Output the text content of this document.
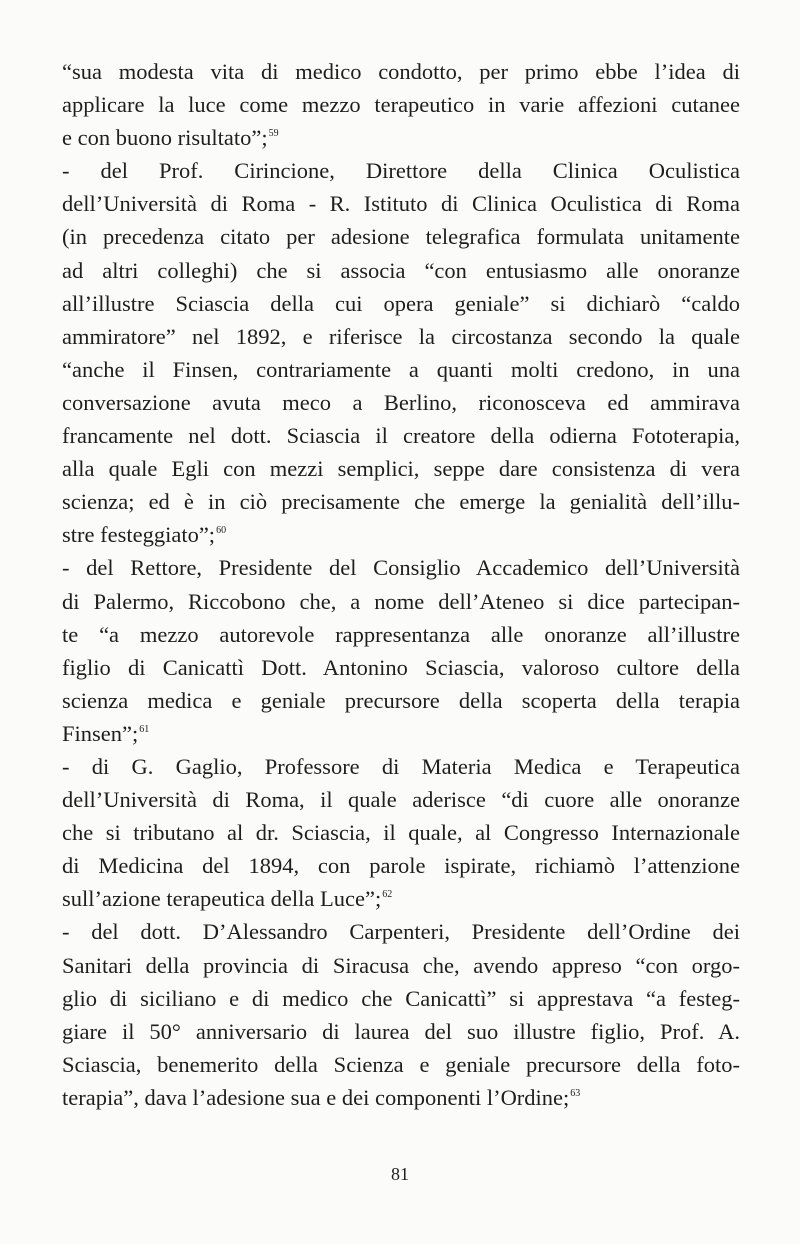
“sua modesta vita di medico condotto, per primo ebbe l’idea di
applicare la luce come mezzo terapeutico in varie affezioni cutanee
e con buono risultato”;$^{59}$
- del Prof. Cirincione, Direttore della Clinica Oculistica
dell’Università di Roma - R. Istituto di Clinica Oculistica di Roma
(in precedenza citato per adesione telegrafica formulata unitamente
ad altri colleghi) che si associa “con entusiasmo alle onoranze
all’illustre Sciascia della cui opera geniale” si dichiarò “caldo
ammiratore” nel 1892, e riferisce la circostanza secondo la quale
“anche il Finsen, contrariamente a quanti molti credono, in una
conversazione avuta meco a Berlino, riconosceva ed ammirava
francamente nel dott. Sciascia il creatore della odierna Fototerapia,
alla quale Egli con mezzi semplici, seppe dare consistenza di vera
scienza; ed è in ciò precisamente che emerge la genialità dell’illu-
stre festeggiato”;$^{60}$
- del Rettore, Presidente del Consiglio Accademico dell’Università
di Palermo, Riccobono che, a nome dell’Ateneo si dice partecipan-
te “a mezzo autorevole rappresentanza alle onoranze all’illustre
figlio di Canicattì Dott. Antonino Sciascia, valoroso cultore della
scienza medica e geniale precursore della scoperta della terapia
Finsen”;$^{61}$
- di G. Gaglio, Professore di Materia Medica e Terapeutica
dell’Università di Roma, il quale aderisce “di cuore alle onoranze
che si tributano al dr. Sciascia, il quale, al Congresso Internazionale
di Medicina del 1894, con parole ispirate, richiamò l’attenzione
sull’azione terapeutica della Luce”;$^{62}$
- del dott. D’Alessandro Carpenteri, Presidente dell’Ordine dei
Sanitari della provincia di Siracusa che, avendo appreso “con orgo-
glio di siciliano e di medico che Canicattì” si apprestava “a festeg-
giare il 50° anniversario di laurea del suo illustre figlio, Prof. A.
Sciascia, benemerito della Scienza e geniale precursore della foto-
terapia”, dava l’adesione sua e dei componenti l’Ordine;$^{63}$
81
